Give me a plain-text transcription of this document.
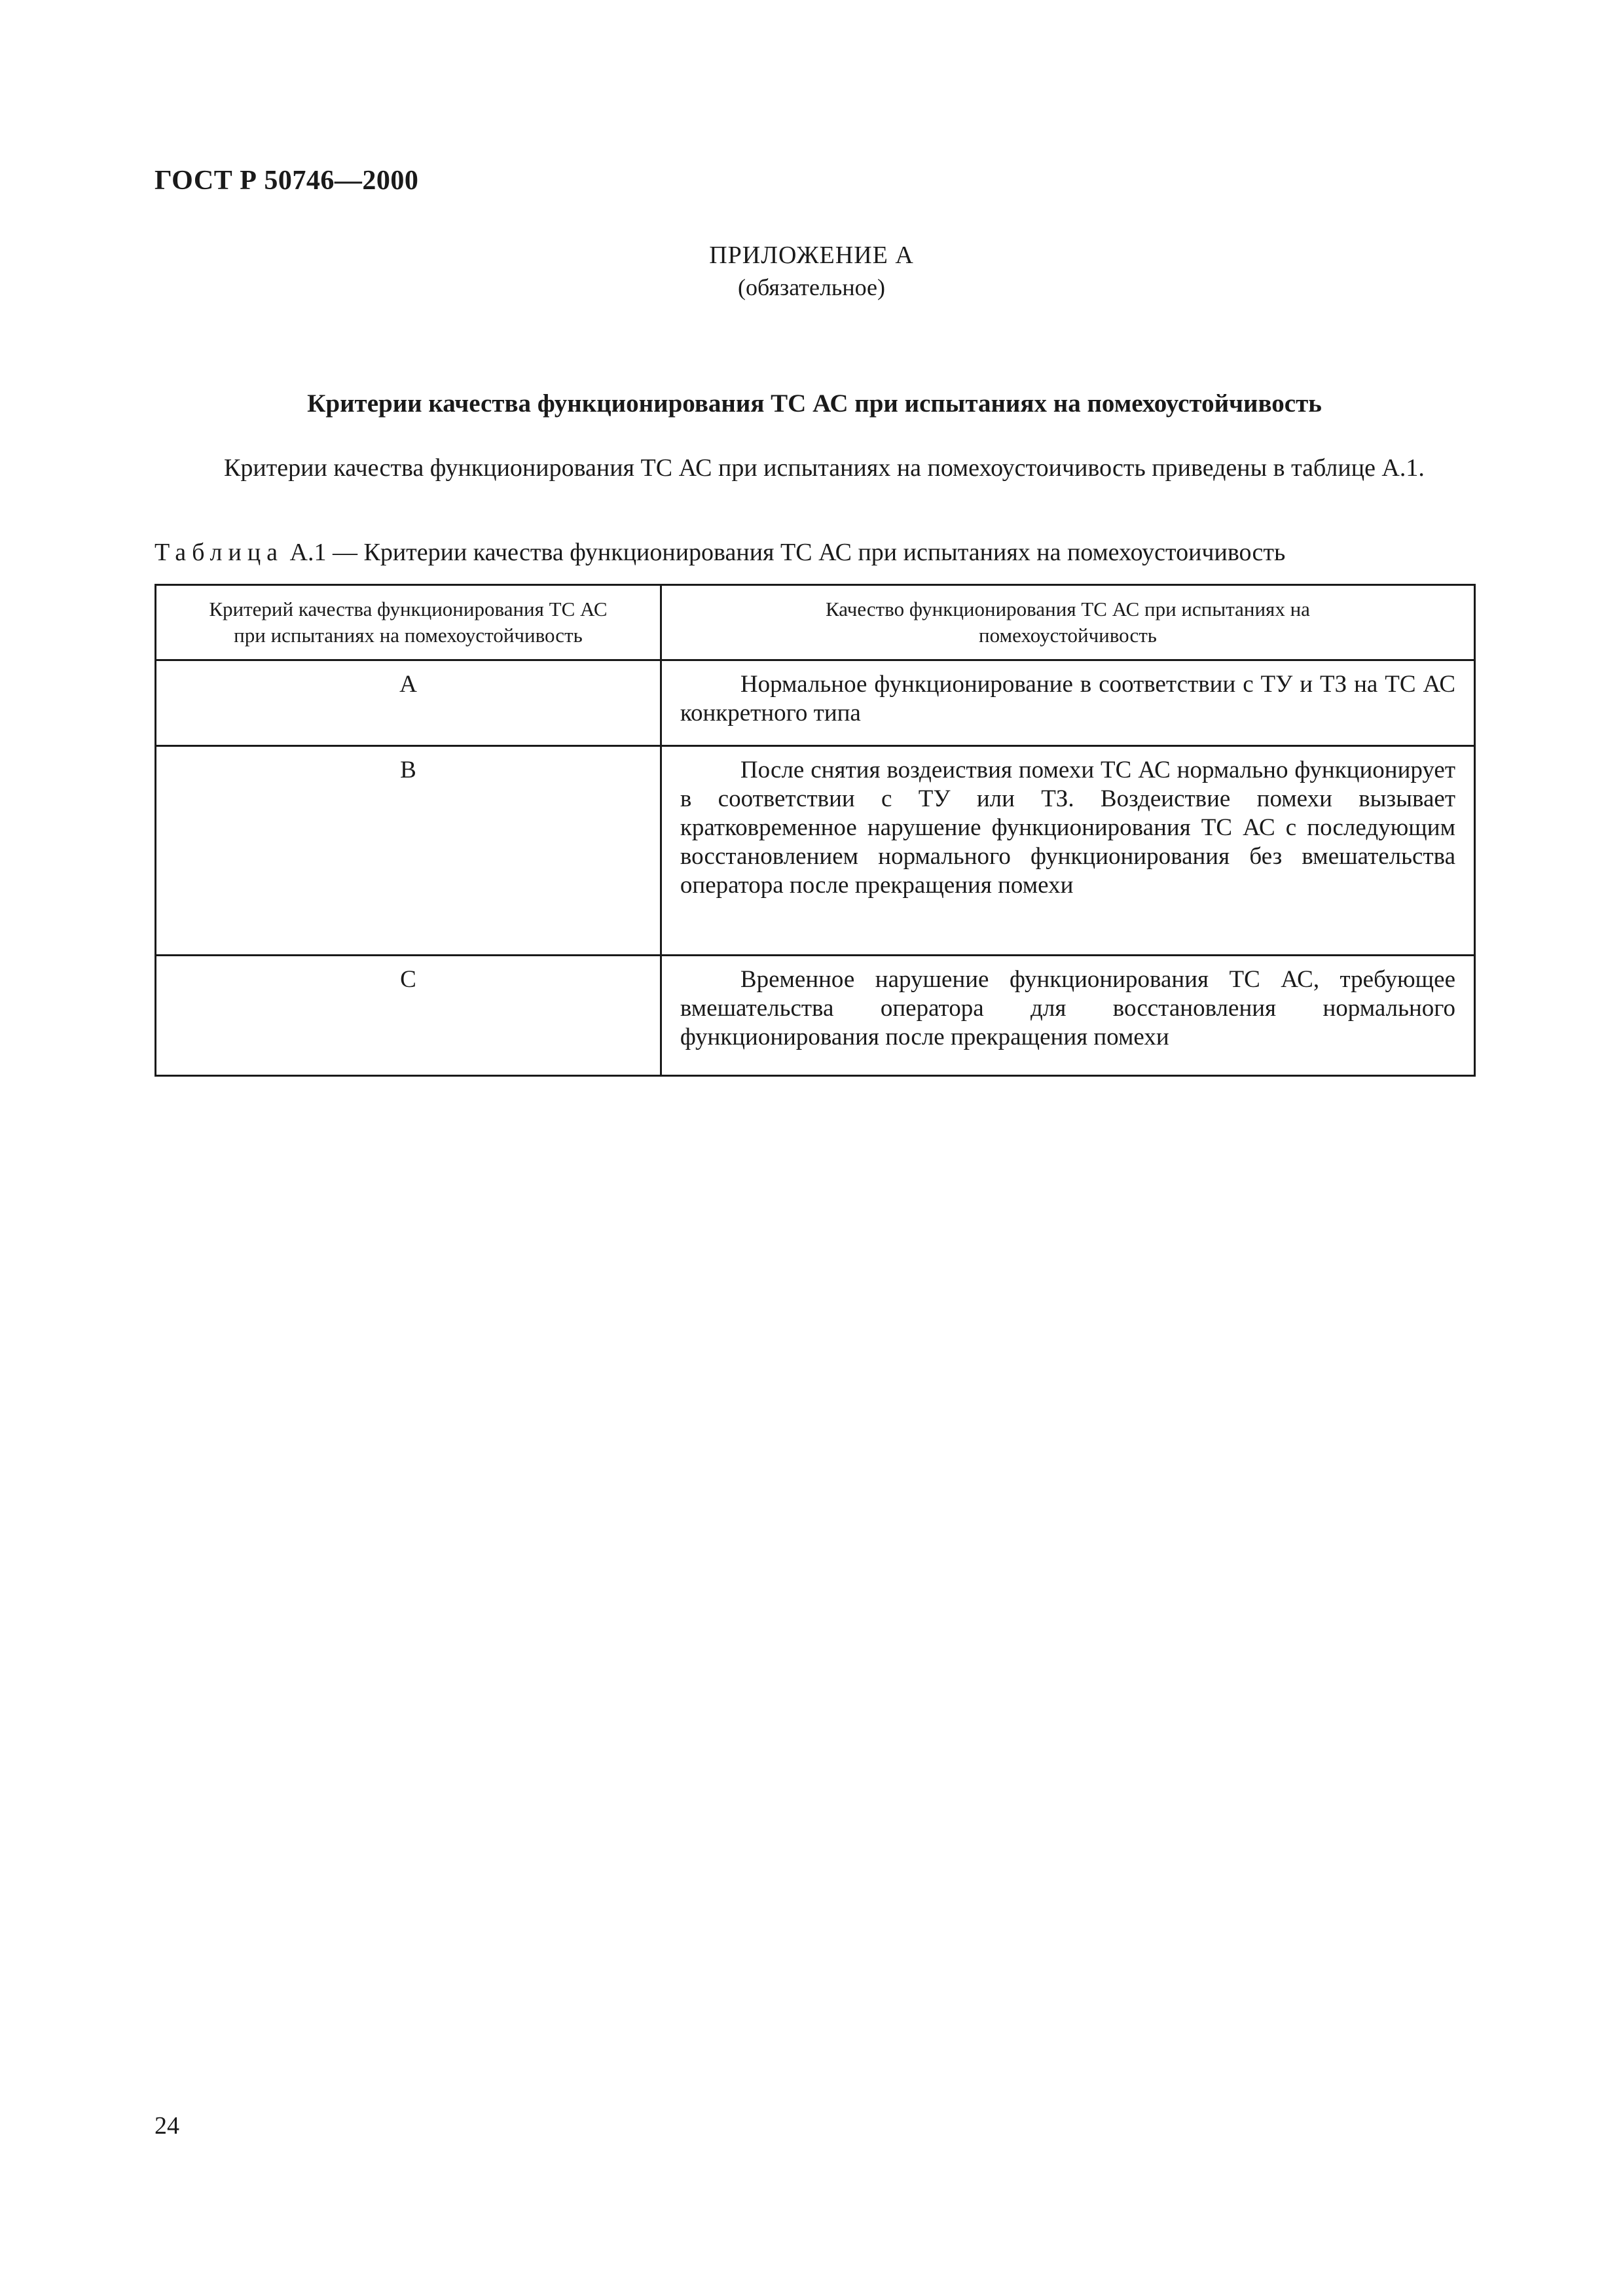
ГОСТ Р 50746—2000
ПРИЛОЖЕНИЕ А
(обязательное)
Критерии качества функционирования ТС АС при испытаниях на помехоустойчивость
Критерии качества функционирования ТС АС при испытаниях на помехоустоичивость приведены в таблице А.1.
Таблица А.1 — Критерии качества функционирования ТС АС при испытаниях на помехоустоичивость
Критерий качества функционирования ТС АС при испытаниях на помехоустойчивость	Качество функционирования ТС АС при испытаниях на помехоустойчивость
А	Нормальное функционирование в соответствии с ТУ и ТЗ на ТС АС конкретного типа

В	После снятия воздеиствия помехи ТС АС нормально функционирует в соответствии с ТУ или ТЗ. Воздеиствие помехи вызывает кратковременное нарушение функционирования ТС АС с последующим восстановлением нормального функционирования без вмешательства оператора после прекращения помехи

С	Временное нарушение функционирования ТС АС, требующее вмешательства оператора для восстановления нормального функционирования после прекращения помехи
24
